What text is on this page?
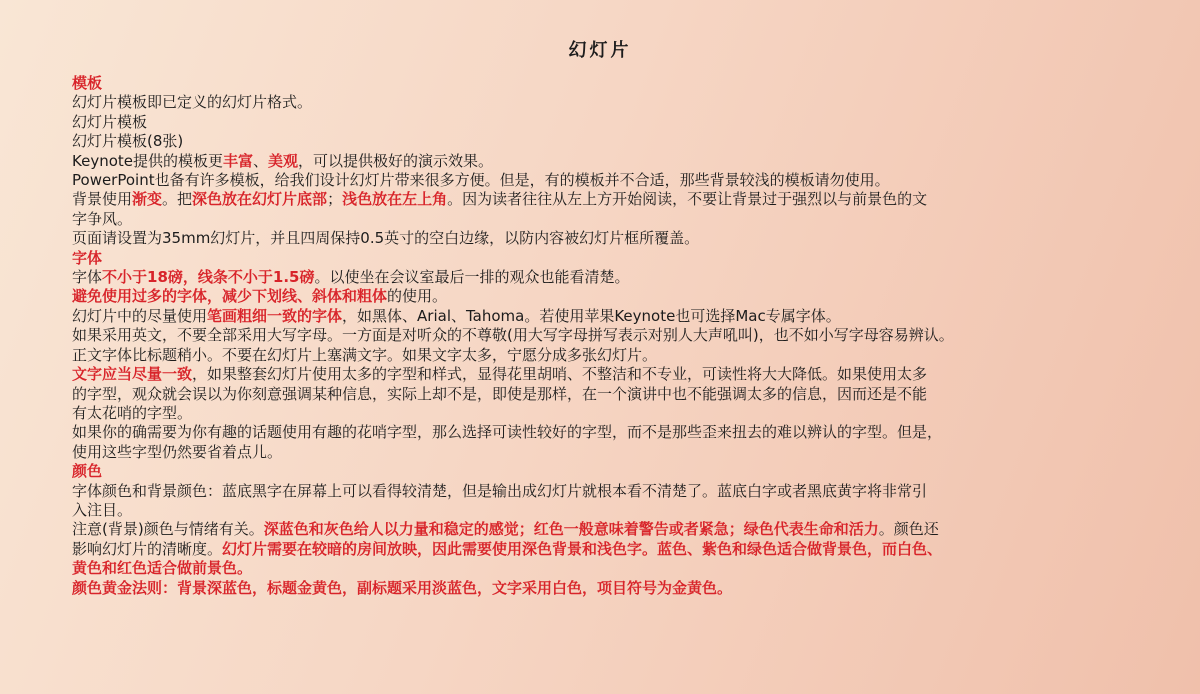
幻灯片
模板
幻灯片模板即已定义的幻灯片格式。
幻灯片模板
幻灯片模板(8张)
Keynote提供的模板更丰富、美观，可以提供极好的演示效果。
PowerPoint也备有许多模板，给我们设计幻灯片带来很多方便。但是，有的模板并不合适，那些背景较浅的模板请勿使用。
背景使用渐变。把深色放在幻灯片底部；浅色放在左上角。因为读者往往从左上方开始阅读，不要让背景过于强烈以与前景色的文
字争风。
页面请设置为35mm幻灯片，并且四周保持0.5英寸的空白边缘，以防内容被幻灯片框所覆盖。
字体
字体不小于18磅，线条不小于1.5磅。以使坐在会议室最后一排的观众也能看清楚。
避免使用过多的字体，减少下划线、斜体和粗体的使用。
幻灯片中的尽量使用笔画粗细一致的字体，如黑体、Arial、Tahoma。若使用苹果Keynote也可选择Mac专属字体。
如果采用英文，不要全部采用大写字母。一方面是对听众的不尊敬(用大写字母拼写表示对别人大声吼叫)，也不如小写字母容易辨认。
正文字体比标题稍小。不要在幻灯片上塞满文字。如果文字太多，宁愿分成多张幻灯片。
文字应当尽量一致，如果整套幻灯片使用太多的字型和样式，显得花里胡哨、不整洁和不专业，可读性将大大降低。如果使用太多
的字型，观众就会误以为你刻意强调某种信息，实际上却不是，即使是那样，在一个演讲中也不能强调太多的信息，因而还是不能
有太花哨的字型。
如果你的确需要为你有趣的话题使用有趣的花哨字型，那么选择可读性较好的字型，而不是那些歪来扭去的难以辨认的字型。但是，
使用这些字型仍然要省着点儿。
颜色
字体颜色和背景颜色：蓝底黑字在屏幕上可以看得较清楚，但是输出成幻灯片就根本看不清楚了。蓝底白字或者黑底黄字将非常引
入注目。
注意(背景)颜色与情绪有关。深蓝色和灰色给人以力量和稳定的感觉；红色一般意味着警告或者紧急；绿色代表生命和活力。颜色还
影响幻灯片的清晰度。幻灯片需要在较暗的房间放映，因此需要使用深色背景和浅色字。蓝色、紫色和绿色适合做背景色，而白色、
黄色和红色适合做前景色。
颜色黄金法则：背景深蓝色，标题金黄色，副标题采用淡蓝色，文字采用白色，项目符号为金黄色。
